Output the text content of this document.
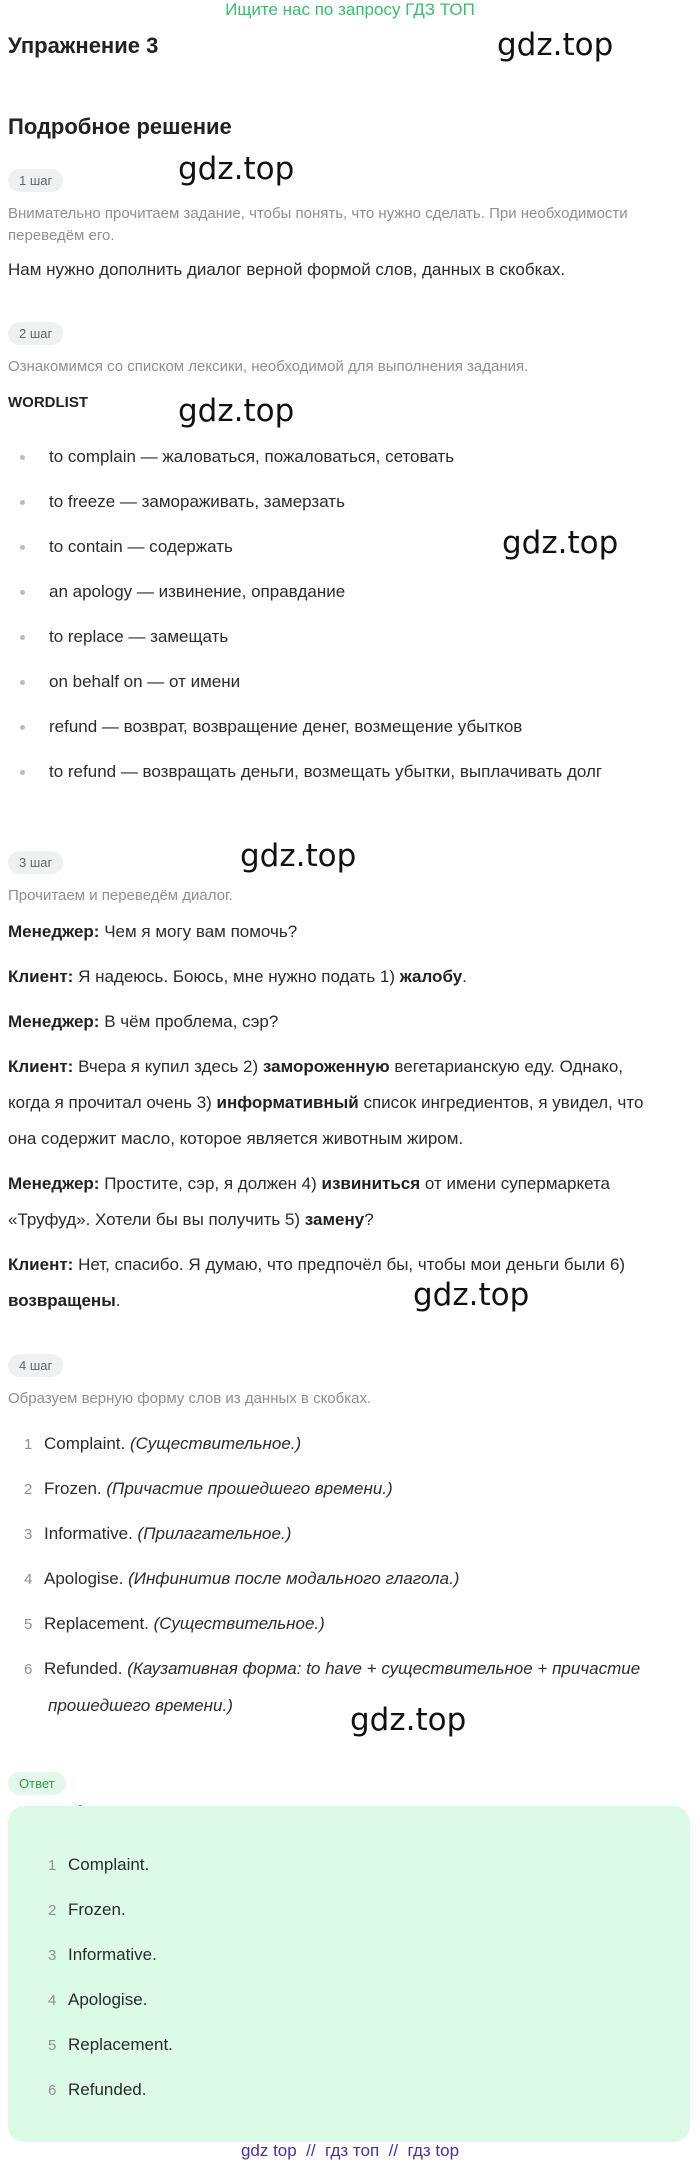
Ищите нас по запросу ГДЗ ТОП
Упражнение 3
Подробное решение
gdz.top
gdz.top
gdz.top
gdz.top
gdz.top
gdz.top
gdz.top
1 шаг
Внимательно прочитаем задание, чтобы понять, что нужно сделать. При необходимости переведём его.
Нам нужно дополнить диалог верной формой слов, данных в скобках.
2 шаг
Ознакомимся со списком лексики, необходимой для выполнения задания.
WORDLIST
to complain — жаловаться, пожаловаться, сетовать
to freeze — замораживать, замерзать
to contain — содержать
an apology — извинение, оправдание
to replace — замещать
on behalf on — от имени
refund — возврат, возвращение денег, возмещение убытков
to refund — возвращать деньги, возмещать убытки, выплачивать долг
3 шаг
Прочитаем и переведём диалог.
Менеджер: Чем я могу вам помочь?
Клиент: Я надеюсь. Боюсь, мне нужно подать 1) жалобу.
Менеджер: В чём проблема, сэр?
Клиент: Вчера я купил здесь 2) замороженную вегетарианскую еду. Однако,
когда я прочитал очень 3) информативный список ингредиентов, я увидел, что
она содержит масло, которое является животным жиром.
Менеджер: Простите, сэр, я должен 4) извиниться от имени супермаркета
«Труфуд». Хотели бы вы получить 5) замену?
Клиент: Нет, спасибо. Я думаю, что предпочёл бы, чтобы мои деньги были 6)
возвращены.
4 шаг
Образуем верную форму слов из данных в скобках.
1 Complaint. (Существительное.)
2 Frozen. (Причастие прошедшего времени.)
3 Informative. (Прилагательное.)
4 Apologise. (Инфинитив после модального глагола.)
5 Replacement. (Существительное.)
6 Refunded. (Каузативная форма: to have + существительное + причастие
прошедшего времени.)
Ответ
1 Complaint.
2 Frozen.
3 Informative.
4 Apologise.
5 Replacement.
6 Refunded.
gdz top  //  гдз топ  //  гдз top
